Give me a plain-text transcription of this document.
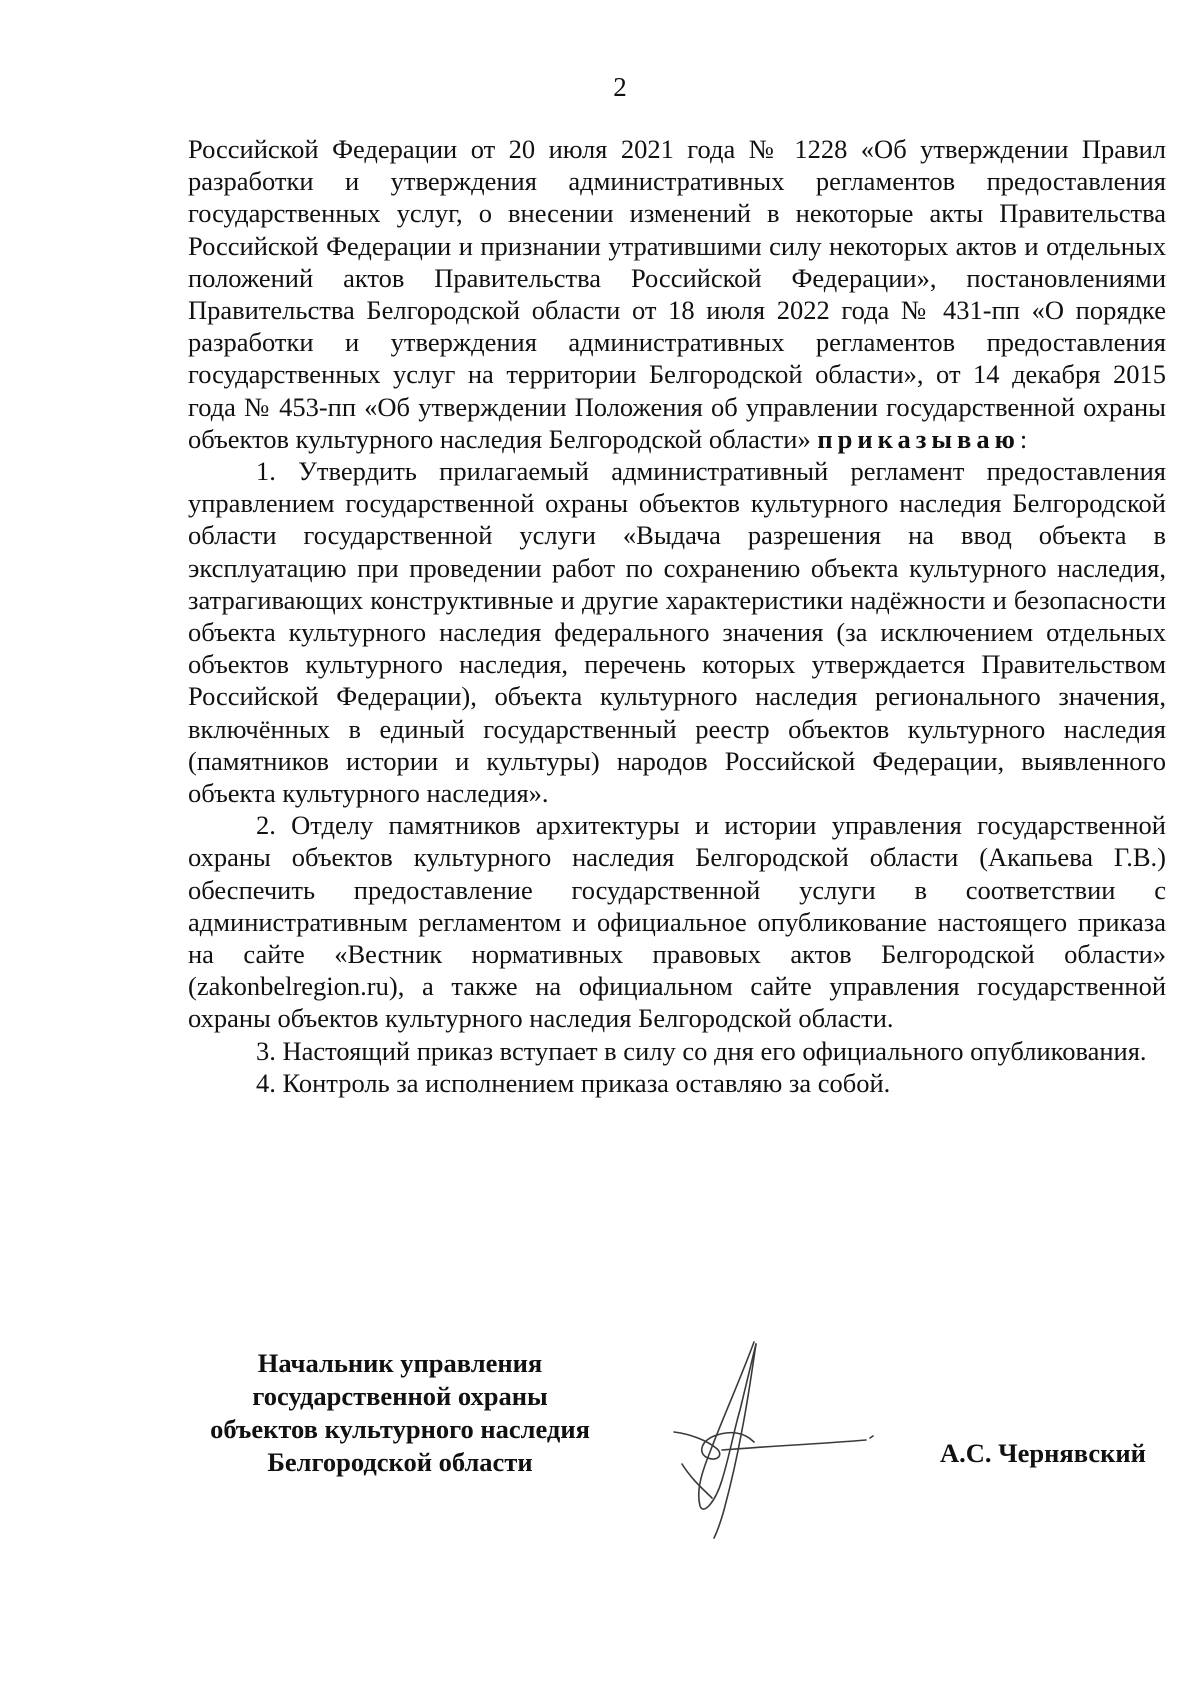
2

Российской Федерации от 20 июля 2021 года № 1228 «Об утверждении Правил разработки и утверждения административных регламентов предоставления государственных услуг, о внесении изменений в некоторые акты Правительства Российской Федерации и признании утратившими силу некоторых актов и отдельных положений актов Правительства Российской Федерации», постановлениями Правительства Белгородской области от 18 июля 2022 года № 431-пп «О порядке разработки и утверждения административных регламентов предоставления государственных услуг на территории Белгородской области», от 14 декабря 2015 года № 453-пп «Об утверждении Положения об управлении государственной охраны объектов культурного наследия Белгородской области» приказываю:

1. Утвердить прилагаемый административный регламент предоставления управлением государственной охраны объектов культурного наследия Белгородской области государственной услуги «Выдача разрешения на ввод объекта в эксплуатацию при проведении работ по сохранению объекта культурного наследия, затрагивающих конструктивные и другие характеристики надёжности и безопасности объекта культурного наследия федерального значения (за исключением отдельных объектов культурного наследия, перечень которых утверждается Правительством Российской Федерации), объекта культурного наследия регионального значения, включённых в единый государственный реестр объектов культурного наследия (памятников истории и культуры) народов Российской Федерации, выявленного объекта культурного наследия».

2. Отделу памятников архитектуры и истории управления государственной охраны объектов культурного наследия Белгородской области (Акапьева Г.В.) обеспечить предоставление государственной услуги в соответствии с административным регламентом и официальное опубликование настоящего приказа на сайте «Вестник нормативных правовых актов Белгородской области» (zakonbelregion.ru), а также на официальном сайте управления государственной охраны объектов культурного наследия Белгородской области.

3. Настоящий приказ вступает в силу со дня его официального опубликования.

4. Контроль за исполнением приказа оставляю за собой.

Начальник управления
государственной охраны
объектов культурного наследия
Белгородской области	А.С. Чернявский
